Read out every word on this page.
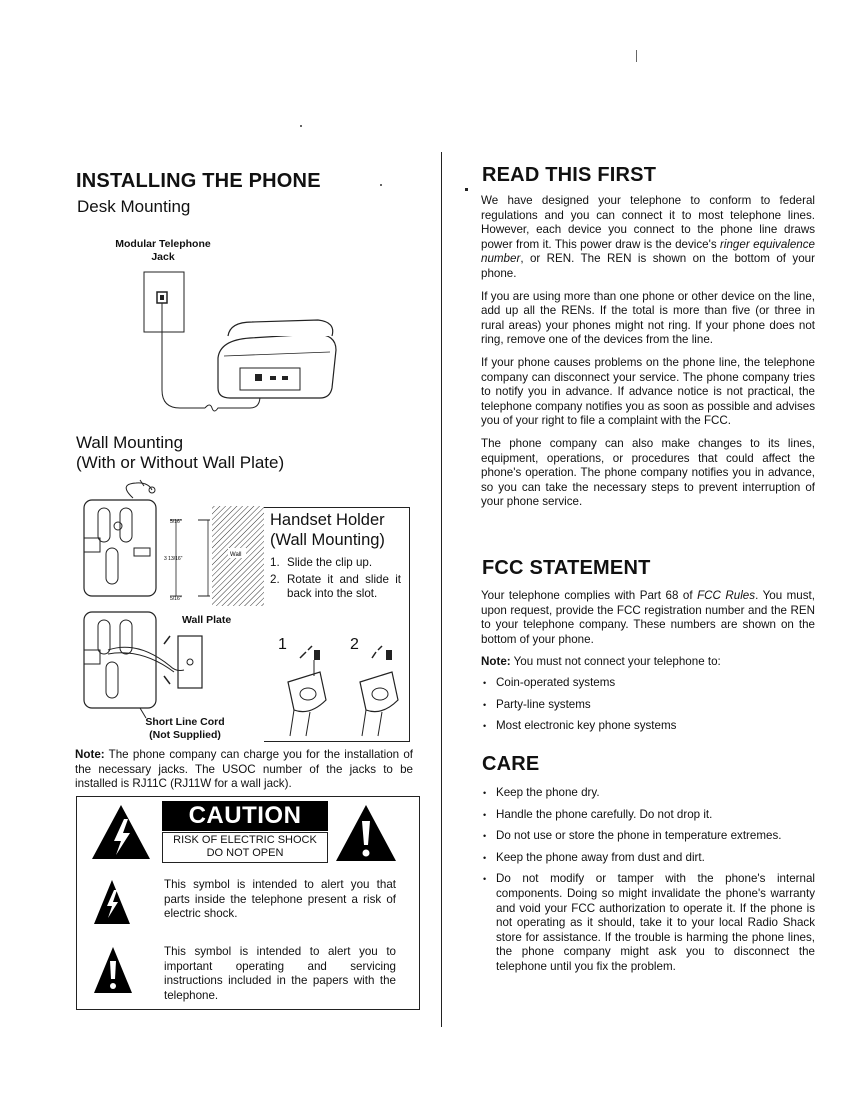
INSTALLING THE PHONE
Desk Mounting
Modular Telephone
Jack
Wall Mounting
(With or Without Wall Plate)
5/16"
3 13/16"
5/16"
Wall
Wall Plate
Short Line Cord
(Not Supplied)
Handset Holder
(Wall Mounting)
1. Slide the clip up.
2. Rotate it and slide it back into the slot.
1	2
Note: The phone company can charge you for the installation of the necessary jacks. The USOC number of the jacks to be installed is RJ11C (RJ11W for a wall jack).
CAUTION
RISK OF ELECTRIC SHOCK
DO NOT OPEN
This symbol is intended to alert you that parts inside the telephone present a risk of electric shock.
This symbol is intended to alert you to important operating and servicing instructions included in the papers with the telephone.
READ THIS FIRST

We have designed your telephone to conform to federal regulations and you can connect it to most telephone lines. However, each device you connect to the phone line draws power from it. This power draw is the device's ringer equivalence number, or REN. The REN is shown on the bottom of your phone.

If you are using more than one phone or other device on the line, add up all the RENs. If the total is more than five (or three in rural areas) your phones might not ring. If your phone does not ring, remove one of the devices from the line.

If your phone causes problems on the phone line, the telephone company can disconnect your service. The phone company tries to notify you in advance. If advance notice is not practical, the telephone company notifies you as soon as possible and advises you of your right to file a complaint with the FCC.

The phone company can also make changes to its lines, equipment, operations, or procedures that could affect the phone's operation. The phone company notifies you in advance, so you can take the necessary steps to prevent interruption of your phone service.

FCC STATEMENT

Your telephone complies with Part 68 of FCC Rules. You must, upon request, provide the FCC registration number and the REN to your telephone company. These numbers are shown on the bottom of your phone.

Note: You must not connect your telephone to:

• Coin-operated systems
• Party-line systems
• Most electronic key phone systems
CARE
• Keep the phone dry.
• Handle the phone carefully. Do not drop it.
• Do not use or store the phone in temperature extremes.
• Keep the phone away from dust and dirt.
• Do not modify or tamper with the phone's internal components. Doing so might invalidate the phone's warranty and void your FCC authorization to operate it. If the phone is not operating as it should, take it to your local Radio Shack store for assistance. If the trouble is harming the phone lines, the phone company might ask you to disconnect the telephone until you fix the problem.
